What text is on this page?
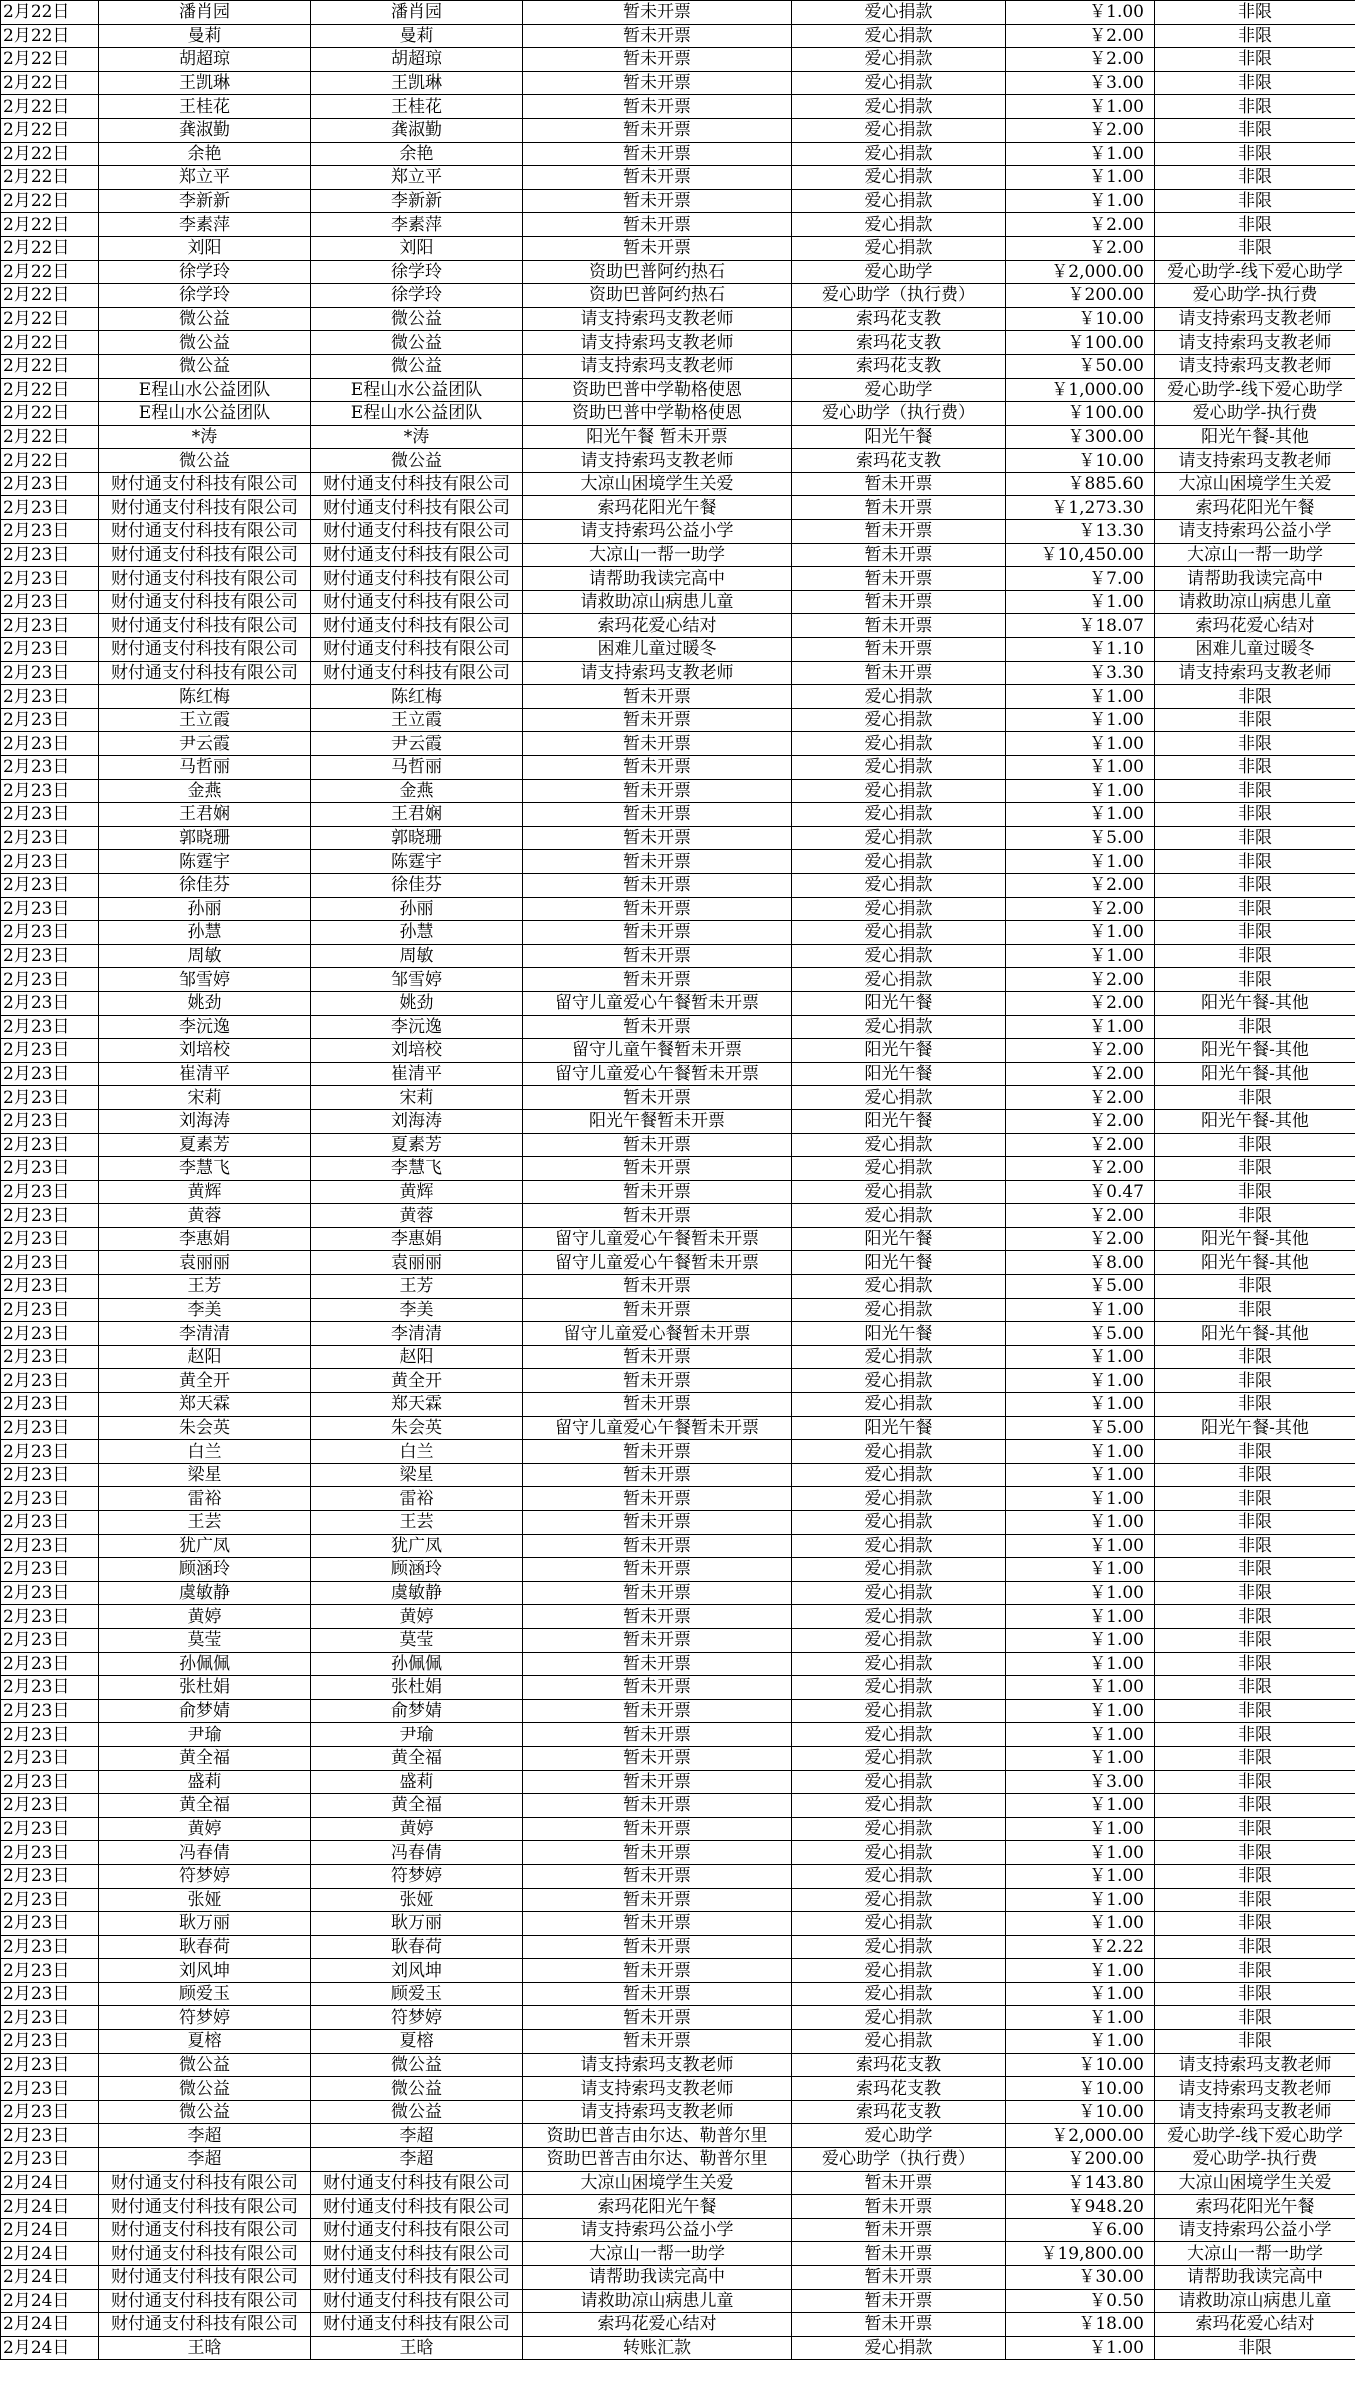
2月22日	潘肖园	潘肖园	暂未开票	爱心捐款	￥1.00	非限
2月22日	曼莉	曼莉	暂未开票	爱心捐款	￥2.00	非限
2月22日	胡超琼	胡超琼	暂未开票	爱心捐款	￥2.00	非限
2月22日	王凯琳	王凯琳	暂未开票	爱心捐款	￥3.00	非限
2月22日	王桂花	王桂花	暂未开票	爱心捐款	￥1.00	非限
2月22日	龚淑勤	龚淑勤	暂未开票	爱心捐款	￥2.00	非限
2月22日	余艳	余艳	暂未开票	爱心捐款	￥1.00	非限
2月22日	郑立平	郑立平	暂未开票	爱心捐款	￥1.00	非限
2月22日	李新新	李新新	暂未开票	爱心捐款	￥1.00	非限
2月22日	李素萍	李素萍	暂未开票	爱心捐款	￥2.00	非限
2月22日	刘阳	刘阳	暂未开票	爱心捐款	￥2.00	非限
2月22日	徐学玲	徐学玲	资助巴普阿约热石	爱心助学	￥2,000.00	爱心助学-线下爱心助学
2月22日	徐学玲	徐学玲	资助巴普阿约热石	爱心助学（执行费）	￥200.00	爱心助学-执行费
2月22日	微公益	微公益	请支持索玛支教老师	索玛花支教	￥10.00	请支持索玛支教老师
2月22日	微公益	微公益	请支持索玛支教老师	索玛花支教	￥100.00	请支持索玛支教老师
2月22日	微公益	微公益	请支持索玛支教老师	索玛花支教	￥50.00	请支持索玛支教老师
2月22日	E程山水公益团队	E程山水公益团队	资助巴普中学勒格使恩	爱心助学	￥1,000.00	爱心助学-线下爱心助学
2月22日	E程山水公益团队	E程山水公益团队	资助巴普中学勒格使恩	爱心助学（执行费）	￥100.00	爱心助学-执行费
2月22日	*涛	*涛	阳光午餐 暂未开票	阳光午餐	￥300.00	阳光午餐-其他
2月22日	微公益	微公益	请支持索玛支教老师	索玛花支教	￥10.00	请支持索玛支教老师
2月23日	财付通支付科技有限公司	财付通支付科技有限公司	大凉山困境学生关爱	暂未开票	￥885.60	大凉山困境学生关爱
2月23日	财付通支付科技有限公司	财付通支付科技有限公司	索玛花阳光午餐	暂未开票	￥1,273.30	索玛花阳光午餐
2月23日	财付通支付科技有限公司	财付通支付科技有限公司	请支持索玛公益小学	暂未开票	￥13.30	请支持索玛公益小学
2月23日	财付通支付科技有限公司	财付通支付科技有限公司	大凉山一帮一助学	暂未开票	￥10,450.00	大凉山一帮一助学
2月23日	财付通支付科技有限公司	财付通支付科技有限公司	请帮助我读完高中	暂未开票	￥7.00	请帮助我读完高中
2月23日	财付通支付科技有限公司	财付通支付科技有限公司	请救助凉山病患儿童	暂未开票	￥1.00	请救助凉山病患儿童
2月23日	财付通支付科技有限公司	财付通支付科技有限公司	索玛花爱心结对	暂未开票	￥18.07	索玛花爱心结对
2月23日	财付通支付科技有限公司	财付通支付科技有限公司	困难儿童过暖冬	暂未开票	￥1.10	困难儿童过暖冬
2月23日	财付通支付科技有限公司	财付通支付科技有限公司	请支持索玛支教老师	暂未开票	￥3.30	请支持索玛支教老师
2月23日	陈红梅	陈红梅	暂未开票	爱心捐款	￥1.00	非限
2月23日	王立霞	王立霞	暂未开票	爱心捐款	￥1.00	非限
2月23日	尹云霞	尹云霞	暂未开票	爱心捐款	￥1.00	非限
2月23日	马哲丽	马哲丽	暂未开票	爱心捐款	￥1.00	非限
2月23日	金燕	金燕	暂未开票	爱心捐款	￥1.00	非限
2月23日	王君娴	王君娴	暂未开票	爱心捐款	￥1.00	非限
2月23日	郭晓珊	郭晓珊	暂未开票	爱心捐款	￥5.00	非限
2月23日	陈霆宇	陈霆宇	暂未开票	爱心捐款	￥1.00	非限
2月23日	徐佳芬	徐佳芬	暂未开票	爱心捐款	￥2.00	非限
2月23日	孙丽	孙丽	暂未开票	爱心捐款	￥2.00	非限
2月23日	孙慧	孙慧	暂未开票	爱心捐款	￥1.00	非限
2月23日	周敏	周敏	暂未开票	爱心捐款	￥1.00	非限
2月23日	邹雪婷	邹雪婷	暂未开票	爱心捐款	￥2.00	非限
2月23日	姚劲	姚劲	留守儿童爱心午餐暂未开票	阳光午餐	￥2.00	阳光午餐-其他
2月23日	李沅逸	李沅逸	暂未开票	爱心捐款	￥1.00	非限
2月23日	刘培校	刘培校	留守儿童午餐暂未开票	阳光午餐	￥2.00	阳光午餐-其他
2月23日	崔清平	崔清平	留守儿童爱心午餐暂未开票	阳光午餐	￥2.00	阳光午餐-其他
2月23日	宋莉	宋莉	暂未开票	爱心捐款	￥2.00	非限
2月23日	刘海涛	刘海涛	阳光午餐暂未开票	阳光午餐	￥2.00	阳光午餐-其他
2月23日	夏素芳	夏素芳	暂未开票	爱心捐款	￥2.00	非限
2月23日	李慧飞	李慧飞	暂未开票	爱心捐款	￥2.00	非限
2月23日	黄辉	黄辉	暂未开票	爱心捐款	￥0.47	非限
2月23日	黄蓉	黄蓉	暂未开票	爱心捐款	￥2.00	非限
2月23日	李惠娟	李惠娟	留守儿童爱心午餐暂未开票	阳光午餐	￥2.00	阳光午餐-其他
2月23日	袁丽丽	袁丽丽	留守儿童爱心午餐暂未开票	阳光午餐	￥8.00	阳光午餐-其他
2月23日	王芳	王芳	暂未开票	爱心捐款	￥5.00	非限
2月23日	李美	李美	暂未开票	爱心捐款	￥1.00	非限
2月23日	李清清	李清清	留守儿童爱心餐暂未开票	阳光午餐	￥5.00	阳光午餐-其他
2月23日	赵阳	赵阳	暂未开票	爱心捐款	￥1.00	非限
2月23日	黄全开	黄全开	暂未开票	爱心捐款	￥1.00	非限
2月23日	郑天霖	郑天霖	暂未开票	爱心捐款	￥1.00	非限
2月23日	朱会英	朱会英	留守儿童爱心午餐暂未开票	阳光午餐	￥5.00	阳光午餐-其他
2月23日	白兰	白兰	暂未开票	爱心捐款	￥1.00	非限
2月23日	梁星	梁星	暂未开票	爱心捐款	￥1.00	非限
2月23日	雷裕	雷裕	暂未开票	爱心捐款	￥1.00	非限
2月23日	王芸	王芸	暂未开票	爱心捐款	￥1.00	非限
2月23日	犹广凤	犹广凤	暂未开票	爱心捐款	￥1.00	非限
2月23日	顾涵玲	顾涵玲	暂未开票	爱心捐款	￥1.00	非限
2月23日	虞敏静	虞敏静	暂未开票	爱心捐款	￥1.00	非限
2月23日	黄婷	黄婷	暂未开票	爱心捐款	￥1.00	非限
2月23日	莫莹	莫莹	暂未开票	爱心捐款	￥1.00	非限
2月23日	孙佩佩	孙佩佩	暂未开票	爱心捐款	￥1.00	非限
2月23日	张杜娟	张杜娟	暂未开票	爱心捐款	￥1.00	非限
2月23日	俞梦婧	俞梦婧	暂未开票	爱心捐款	￥1.00	非限
2月23日	尹瑜	尹瑜	暂未开票	爱心捐款	￥1.00	非限
2月23日	黄全福	黄全福	暂未开票	爱心捐款	￥1.00	非限
2月23日	盛莉	盛莉	暂未开票	爱心捐款	￥3.00	非限
2月23日	黄全福	黄全福	暂未开票	爱心捐款	￥1.00	非限
2月23日	黄婷	黄婷	暂未开票	爱心捐款	￥1.00	非限
2月23日	冯春倩	冯春倩	暂未开票	爱心捐款	￥1.00	非限
2月23日	符梦婷	符梦婷	暂未开票	爱心捐款	￥1.00	非限
2月23日	张娅	张娅	暂未开票	爱心捐款	￥1.00	非限
2月23日	耿万丽	耿万丽	暂未开票	爱心捐款	￥1.00	非限
2月23日	耿春荷	耿春荷	暂未开票	爱心捐款	￥2.22	非限
2月23日	刘风坤	刘风坤	暂未开票	爱心捐款	￥1.00	非限
2月23日	顾爱玉	顾爱玉	暂未开票	爱心捐款	￥1.00	非限
2月23日	符梦婷	符梦婷	暂未开票	爱心捐款	￥1.00	非限
2月23日	夏榕	夏榕	暂未开票	爱心捐款	￥1.00	非限
2月23日	微公益	微公益	请支持索玛支教老师	索玛花支教	￥10.00	请支持索玛支教老师
2月23日	微公益	微公益	请支持索玛支教老师	索玛花支教	￥10.00	请支持索玛支教老师
2月23日	微公益	微公益	请支持索玛支教老师	索玛花支教	￥10.00	请支持索玛支教老师
2月23日	李超	李超	资助巴普吉由尔达、勒普尔里	爱心助学	￥2,000.00	爱心助学-线下爱心助学
2月23日	李超	李超	资助巴普吉由尔达、勒普尔里	爱心助学（执行费）	￥200.00	爱心助学-执行费
2月24日	财付通支付科技有限公司	财付通支付科技有限公司	大凉山困境学生关爱	暂未开票	￥143.80	大凉山困境学生关爱
2月24日	财付通支付科技有限公司	财付通支付科技有限公司	索玛花阳光午餐	暂未开票	￥948.20	索玛花阳光午餐
2月24日	财付通支付科技有限公司	财付通支付科技有限公司	请支持索玛公益小学	暂未开票	￥6.00	请支持索玛公益小学
2月24日	财付通支付科技有限公司	财付通支付科技有限公司	大凉山一帮一助学	暂未开票	￥19,800.00	大凉山一帮一助学
2月24日	财付通支付科技有限公司	财付通支付科技有限公司	请帮助我读完高中	暂未开票	￥30.00	请帮助我读完高中
2月24日	财付通支付科技有限公司	财付通支付科技有限公司	请救助凉山病患儿童	暂未开票	￥0.50	请救助凉山病患儿童
2月24日	财付通支付科技有限公司	财付通支付科技有限公司	索玛花爱心结对	暂未开票	￥18.00	索玛花爱心结对
2月24日	王晗	王晗	转账汇款	爱心捐款	￥1.00	非限
